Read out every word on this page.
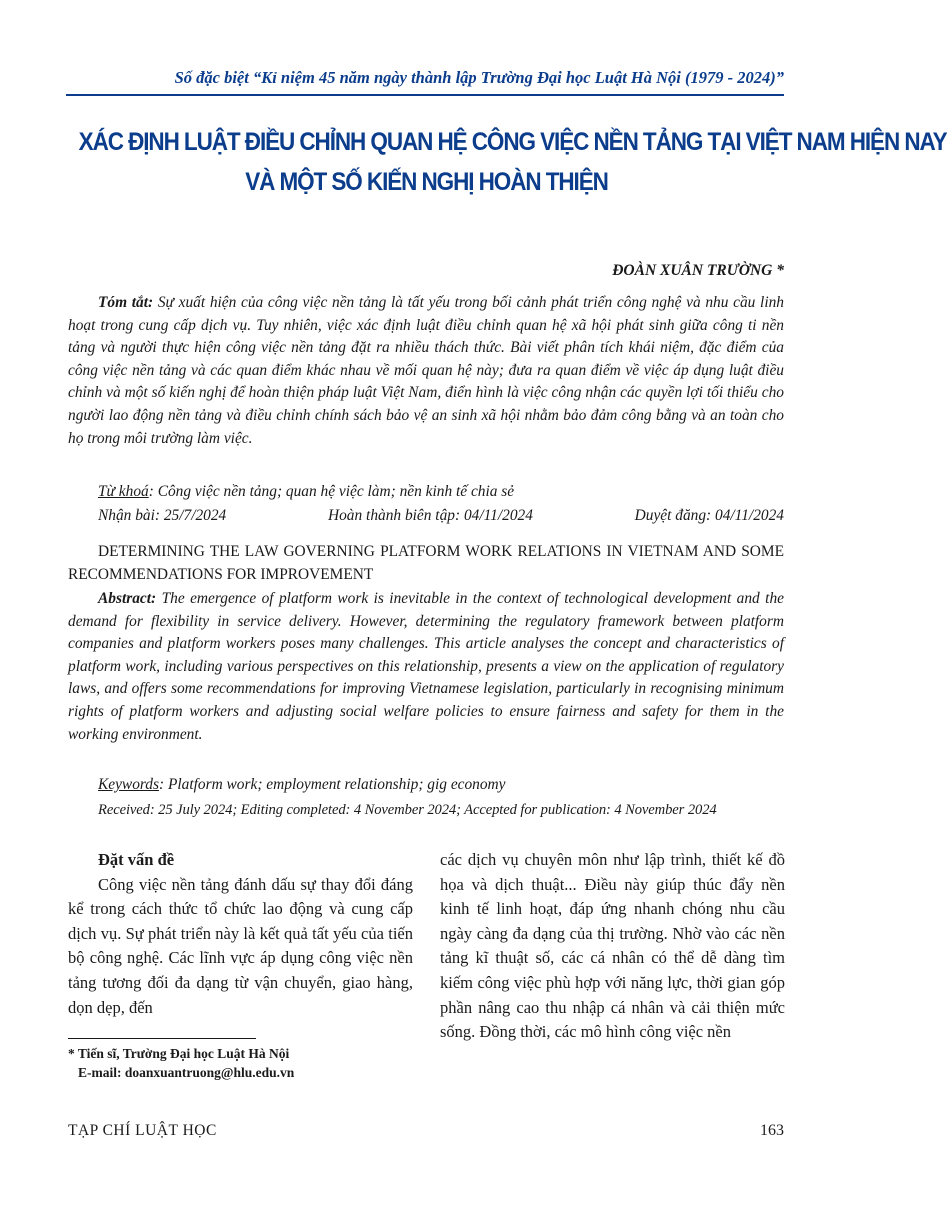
Số đặc biệt “Kỉ niệm 45 năm ngày thành lập Trường Đại học Luật Hà Nội (1979 - 2024)”
XÁC ĐỊNH LUẬT ĐIỀU CHỈNH QUAN HỆ CÔNG VIỆC NỀN TẢNG TẠI VIỆT NAM HIỆN NAY
VÀ MỘT SỐ KIẾN NGHỊ HOÀN THIỆN
ĐOÀN XUÂN TRƯỜNG *
Tóm tắt: Sự xuất hiện của công việc nền tảng là tất yếu trong bối cảnh phát triển công nghệ và nhu cầu linh hoạt trong cung cấp dịch vụ. Tuy nhiên, việc xác định luật điều chỉnh quan hệ xã hội phát sinh giữa công ti nền tảng và người thực hiện công việc nền tảng đặt ra nhiều thách thức. Bài viết phân tích khái niệm, đặc điểm của công việc nền tảng và các quan điểm khác nhau về mối quan hệ này; đưa ra quan điểm về việc áp dụng luật điều chỉnh và một số kiến nghị để hoàn thiện pháp luật Việt Nam, điển hình là việc công nhận các quyền lợi tối thiểu cho người lao động nền tảng và điều chỉnh chính sách bảo vệ an sinh xã hội nhằm bảo đảm công bằng và an toàn cho họ trong môi trường làm việc.
Từ khoá: Công việc nền tảng; quan hệ việc làm; nền kinh tế chia sẻ
Nhận bài: 25/7/2024	Hoàn thành biên tập: 04/11/2024	Duyệt đăng: 04/11/2024
DETERMINING THE LAW GOVERNING PLATFORM WORK RELATIONS IN VIETNAM AND SOME RECOMMENDATIONS FOR IMPROVEMENT
Abstract: The emergence of platform work is inevitable in the context of technological development and the demand for flexibility in service delivery. However, determining the regulatory framework between platform companies and platform workers poses many challenges. This article analyses the concept and characteristics of platform work, including various perspectives on this relationship, presents a view on the application of regulatory laws, and offers some recommendations for improving Vietnamese legislation, particularly in recognising minimum rights of platform workers and adjusting social welfare policies to ensure fairness and safety for them in the working environment.
Keywords: Platform work; employment relationship; gig economy
Received: 25 July 2024; Editing completed: 4 November 2024; Accepted for publication: 4 November 2024
Đặt vấn đề
Công việc nền tảng đánh dấu sự thay đổi đáng kể trong cách thức tổ chức lao động và cung cấp dịch vụ. Sự phát triển này là kết quả tất yếu của tiến bộ công nghệ. Các lĩnh vực áp dụng công việc nền tảng tương đối đa dạng từ vận chuyển, giao hàng, dọn dẹp, đến
các dịch vụ chuyên môn như lập trình, thiết kế đồ họa và dịch thuật... Điều này giúp thúc đẩy nền kinh tế linh hoạt, đáp ứng nhanh chóng nhu cầu ngày càng đa dạng của thị trường. Nhờ vào các nền tảng kĩ thuật số, các cá nhân có thể dễ dàng tìm kiếm công việc phù hợp với năng lực, thời gian góp phần nâng cao thu nhập cá nhân và cải thiện mức sống. Đồng thời, các mô hình công việc nền
* Tiến sĩ, Trường Đại học Luật Hà Nội
E-mail: doanxuantruong@hlu.edu.vn
TẠP CHÍ LUẬT HỌC	163
